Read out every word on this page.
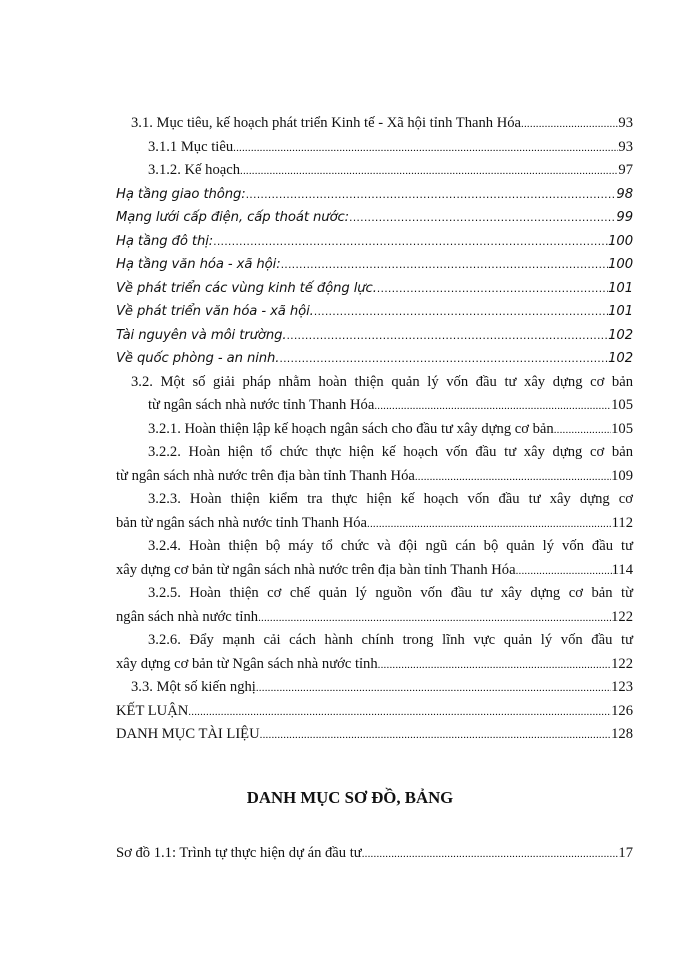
3.1. Mục tiêu, kế hoạch phát triển Kinh tế - Xã hội tỉnh Thanh Hóa .....	93
3.1.1 Mục tiêu .....	93
3.1.2. Kế hoạch .....	97
Hạ tầng giao thông: .....	98
Mạng lưới cấp điện, cấp thoát nước: .....	99
Hạ tầng đô thị: .....	100
Hạ tầng văn hóa - xã hội: .....	100
Về phát triển các vùng kinh tế động lực. .....	101
Về phát triển văn hóa - xã hội. .....	101
Tài nguyên và môi trường. .....	102
Về quốc phòng - an ninh. .....	102
3.2. Một số giải pháp nhằm hoàn thiện quản lý vốn đầu tư xây dựng cơ bản
từ ngân sách nhà nước tỉnh Thanh Hóa .....	105
3.2.1. Hoàn thiện lập kế hoạch ngân sách cho đầu tư xây dựng cơ bản .....	105
3.2.2. Hoàn hiện tổ chức thực hiện kế hoạch vốn đầu tư xây dựng cơ bản
từ ngân sách nhà nước trên địa bàn tỉnh Thanh Hóa .....	109
3.2.3. Hoàn thiện kiểm tra thực hiện kế hoạch vốn đầu tư xây dựng cơ
bản từ ngân sách nhà nước tỉnh Thanh Hóa .....	112
3.2.4. Hoàn thiện bộ máy tổ chức và đội ngũ cán bộ quản lý vốn đầu tư
xây dựng cơ bản từ ngân sách nhà nước trên địa bàn tỉnh Thanh Hóa .....	114
3.2.5. Hoàn thiện cơ chế quản lý nguồn vốn đầu tư xây dựng cơ bản từ
ngân sách nhà nước tỉnh .....	122
3.2.6. Đẩy mạnh cải cách hành chính trong lĩnh vực quản lý vốn đầu tư
xây dựng cơ bản từ Ngân sách nhà nước tỉnh .....	122
3.3. Một số kiến nghị .....	123
KẾT LUẬN .....	126
DANH MỤC TÀI LIỆU .....	128
DANH MỤC SƠ ĐỒ, BẢNG
Sơ đồ 1.1: Trình tự thực hiện dự án đầu tư .....	17
